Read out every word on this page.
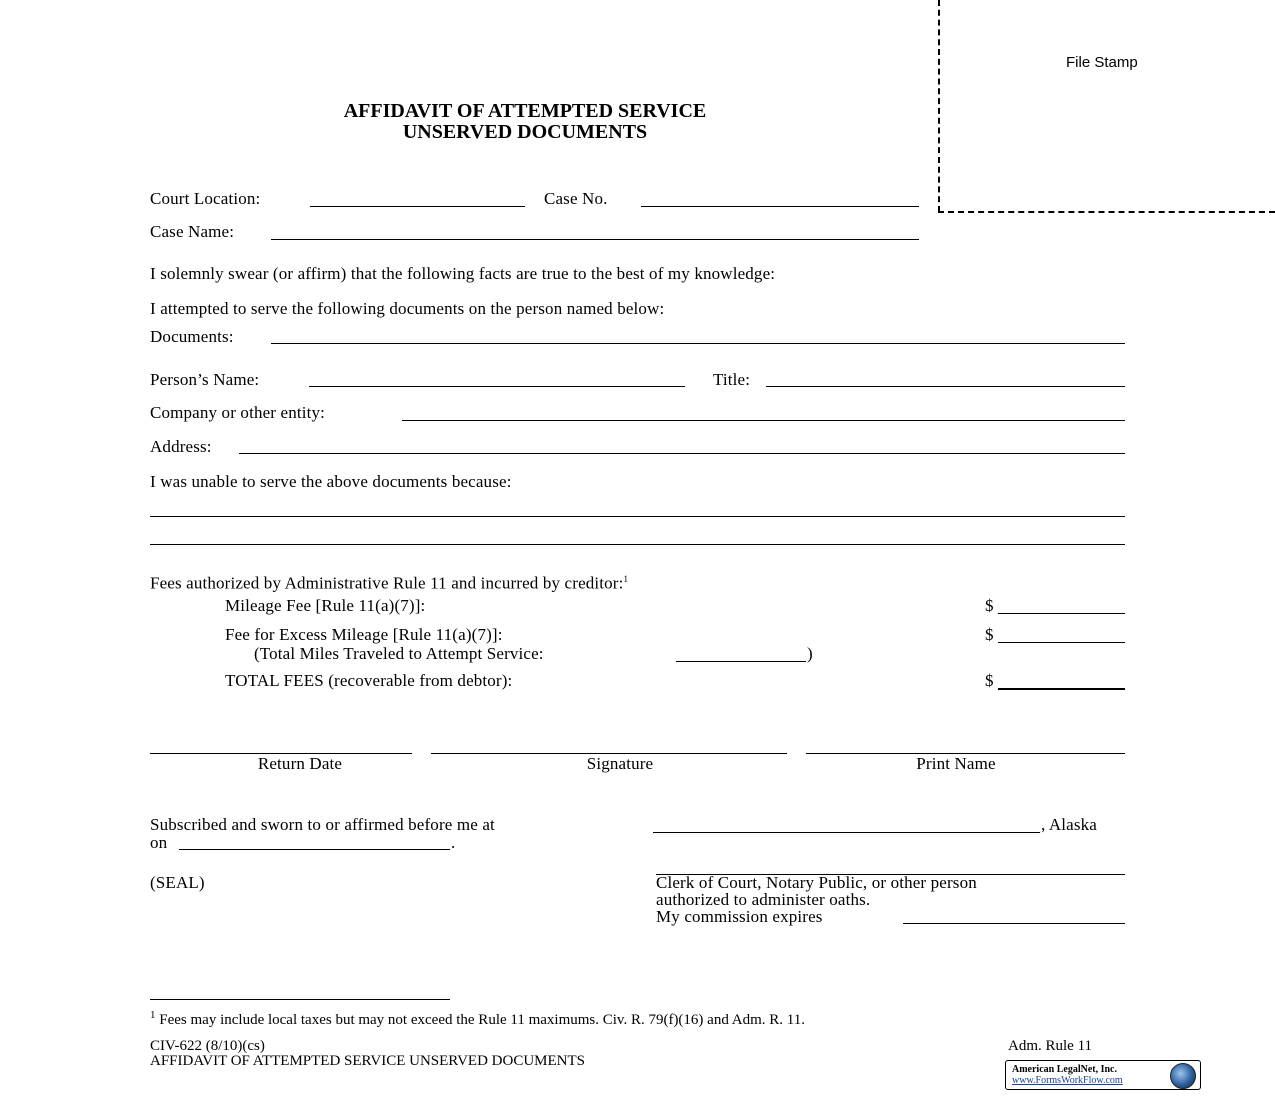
File Stamp
AFFIDAVIT OF ATTEMPTED SERVICE
UNSERVED DOCUMENTS
Court Location:	Case No.
Case Name:
I solemnly swear (or affirm) that the following facts are true to the best of my knowledge:
I attempted to serve the following documents on the person named below:
Documents:
Person’s Name:	Title:
Company or other entity:
Address:
I was unable to serve the above documents because:
Fees authorized by Administrative Rule 11 and incurred by creditor:$^1$
Mileage Fee [Rule 11(a)(7)]:	$
Fee for Excess Mileage [Rule 11(a)(7)]:	$
(Total Miles Traveled to Attempt Service:	)
TOTAL FEES (recoverable from debtor):	$
Return Date	Signature	Print Name
Subscribed and sworn to or affirmed before me at	, Alaska
on	.
(SEAL)	Clerk of Court, Notary Public, or other person
authorized to administer oaths.
My commission expires
$^1$ Fees may include local taxes but may not exceed the Rule 11 maximums. Civ. R. 79(f)(16) and Adm. R. 11.
CIV-622 (8/10)(cs)
AFFIDAVIT OF ATTEMPTED SERVICE UNSERVED DOCUMENTS
Adm. Rule 11
American LegalNet, Inc.
www.FormsWorkFlow.com
